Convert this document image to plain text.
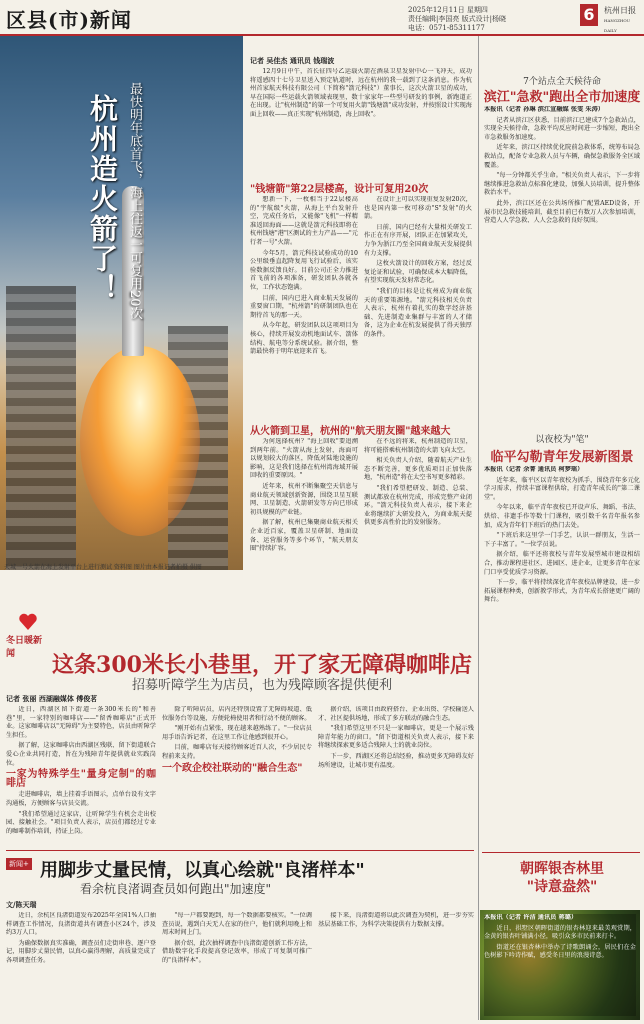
区县(市)新闻	2025年12月11日 星期四
责任编辑|李国亮 版式设计|杨晓
电话：0571-85311177
6	杭州日报
HANGZHOU DAILY
杭州造火箭了！ 最快明年底首飞，海上往返一可复用20次
天城一号火箭在海上发射平台上进行测试 资料图 图片由本报记者拍摄 供图
记者 吴佳杰 通讯员 钱瑞波

12月9日中午，首长征四号乙运载火箭在酒泉卫星发射中心一飞冲天，成功将遥感四十七号卫星送入预定轨道时，远在杭州的我一载到了这条消息。作为杭州首家航天科技有限公司（下简称"箭元科技"）董事长，这次火箭卫星的成功，早在国际一些运载火箭领域表现里，数十家家年一些型号研发的事例，新跑道正在出现。让"杭州制造"的第一个可复用火箭"钱塘箭"成功发射，并按照设计实现海面上回收——真正实现"杭州制造，海上回收"。

"钱塘箭"第22层楼高，设计可复用20次

想新一下，一枚相当于22层楼高的"宇航级"火箭，从海上平台发射升空，完成任务后，又能像"飞机"一样精准返回海面——这就是箭元科技即将在杭州钱塘"港"区测试的主力产品——"元行者一号"火箭。

今年5月，箭元科技试验成功的10公里级垂直起降复用飞行试验后，该实验数据反馈良好。目前公司正全力推进首飞前的各项准备，研发团队各就各位，工作状态饱满。

目前，国内已进入商业航天发展的重要窗口期，"杭州箭"的研制团队也在期待首飞的那一天。

从今年起，研发团队以这项项目为核心，持续开展发动机地面试车、箭体结构、航电等分系统试验。据介绍，整箭最快将于明年底迎来首飞。

在设计上可以实现重复发射20次，也是国内第一枚可移动"S"发射"的火箭。

日前，国内已经有大量相关研发工作正在有序开展，团队正在加紧攻关，力争为浙江乃至全国商业航天发展提供有力支撑。

这枚火箭设计的回收方案，经过反复论证和试验，可确保成本大幅降低，有望实现航天发射常态化。

"我们的目标是让杭州成为商业航天的重要策源地。"箭元科技相关负责人表示，杭州有着扎实的数字经济基础、先进制造业集群与丰富的人才储备，这为企业在杭发展提供了得天独厚的条件。

从火箭到卫星，杭州的"航天朋友圈"越来越大

为何选择杭州？"海上回收"要追溯到两年前。"火箭从海上发射，海面可以规划较大的落区，降低对陆地设施的影响，这是我们选择在杭州湾海域开展回收的重要原因。"

近年来，杭州不断集聚空天信息与商业航天领域创新资源，围绕卫星互联网、卫星制造、火箭研发等方向已形成初具规模的产业链。

据了解，杭州已集聚商业航天相关企业近百家，覆盖卫星研制、地面设备、运营服务等多个环节，"航天朋友圈"持续扩容。

在不远的将来，杭州制造的卫星，将可能搭乘杭州制造的火箭飞向太空。

相关负责人介绍，随着航天产业生态不断完善，更多优质项目正加快落地，"杭州造"将在太空书写更多精彩。

"我们希望把研发、制造、总装、测试都放在杭州完成，形成完整产业闭环。"箭元科技负责人表示，接下来企业将继续扩大研发投入，为商业航天提供更多高性价比的发射服务。

7个站点全天候待命
滨江"急救"跑出全市加速度

本报讯（记者 孙琳 滨江宣融媒 张雯 朱涛）

记者从滨江区获悉，目前滨江已建成7个急救站点，实现全天候待命，急救平均反应时间进一步缩短，跑出全市急救服务加速度。

近年来，滨江区持续优化院前急救体系，统筹布局急救站点，配备专业急救人员与车辆，确保急救服务全区域覆盖。

"每一分钟都关乎生命。"相关负责人表示，下一步将继续推进急救站点标准化建设，加强人员培训，提升整体救治水平。

此外，滨江区还在公共场所推广配置AED设备，开展市民急救技能培训，截至目前已有数万人次参加培训，营造人人学急救、人人会急救的良好氛围。

以夜校为"笔"
临平勾勒青年发展新图景

本报讯（记者 余菁 通讯员 柯梦瑶）

近年来，临平区以青年夜校为抓手，围绕青年多元化学习需求，持续丰富课程供给，打造青年成长的"第二课堂"。

今年以来，临平青年夜校已开设声乐、舞蹈、书法、烘焙、非遗手作等数十门课程，吸引数千名青年报名参加，成为青年们下班后的热门去处。

"下班后来这里学一门手艺，认识一群朋友，生活一下子丰富了。"一位学员说。

据介绍，临平还将夜校与青年发展型城市建设相结合，推动课程进社区、进园区、进企业，让更多青年在家门口享受优质学习资源。

下一步，临平将持续深化青年夜校品牌建设，进一步拓展课程种类，创新教学形式，为青年成长搭建更广阔的舞台。

冬日暖新闻	这条300米长小巷里，开了家无障碍咖啡店
招募听障学生为店员，也为残障顾客提供便利
记者 张丽 西湖融媒体 傅俊茗

近日，西湖区留下街道一条300米长的"和善巷"里，一家特别的咖啡店——"留香咖啡店"正式开业。这家咖啡店以"无障碍"为主要特色，店员由听障学生担任。

据了解，这家咖啡店由西湖区残联、留下街道联合爱心企业共同打造，旨在为残障青年提供就业实践岗位。

一家为特殊学生"量身定制"的咖啡店

走进咖啡店，墙上挂着手语图示，点单台设有文字沟通板，方便顾客与店员交流。

"我们希望通过这家店，让听障学生有机会走出校园、接触社会。"项目负责人表示，店员们都经过专业的咖啡制作培训，持证上岗。

除了听障店员，店内还特别设置了无障碍坡道、低位服务台等设施，方便轮椅使用者和行动不便的顾客。

"刚开始有点紧张，现在越来越熟练了。"一位店员用手语告诉记者，在这里工作让他感到很开心。

目前，咖啡店每天接待顾客近百人次，不少居民专程前来支持。

一个政企校社联动的"融合生态"

据介绍，该项目由政府搭台、企业出资、学校输送人才、社区提供场地，形成了多方联动的融合生态。

"我们希望这里不只是一家咖啡店，更是一个展示残障青年能力的窗口。"留下街道相关负责人表示，接下来将继续探索更多适合残障人士的就业岗位。

下一步，西湖区还将总结经验，推动更多无障碍友好场所建设，让城市更有温度。

新闻+ 用脚步丈量民情，以真心绘就"良渚样本"
看余杭良渚调查员如何跑出"加速度"
文/陈天瑞

近日，余杭区良渚街道发布2025年全国1%人口抽样调查工作情况，良渚街道共有调查小区24个，涉及约3万人口。

为确保数据真实准确，调查员们走街串巷、逐户登记，用脚步丈量民情，以真心赢得理解，高质量完成了各项调查任务。

"每一户都要跑到，每一个数据都要核实。"一位调查员说，遇到白天无人在家的住户，他们就利用晚上和周末时间上门。

据介绍，此次抽样调查中良渚街道创新工作方法，借助数字化手段提高登记效率，形成了可复制可推广的"良渚样本"。

接下来，良渚街道将以此次调查为契机，进一步夯实基层基础工作，为科学决策提供有力数据支撑。

朝晖银杏林里
"诗意盎然"

本报讯（记者 许洁 通讯员 蒋璐）

近日，拱墅区朝晖街道的银杏林迎来最美观赏期，金黄的银杏叶铺满小径，吸引众多市民前来打卡。

街道还在银杏林中举办了诗歌朗诵会，居民们在金色树影下吟诗作赋，感受冬日里的浪漫诗意。
